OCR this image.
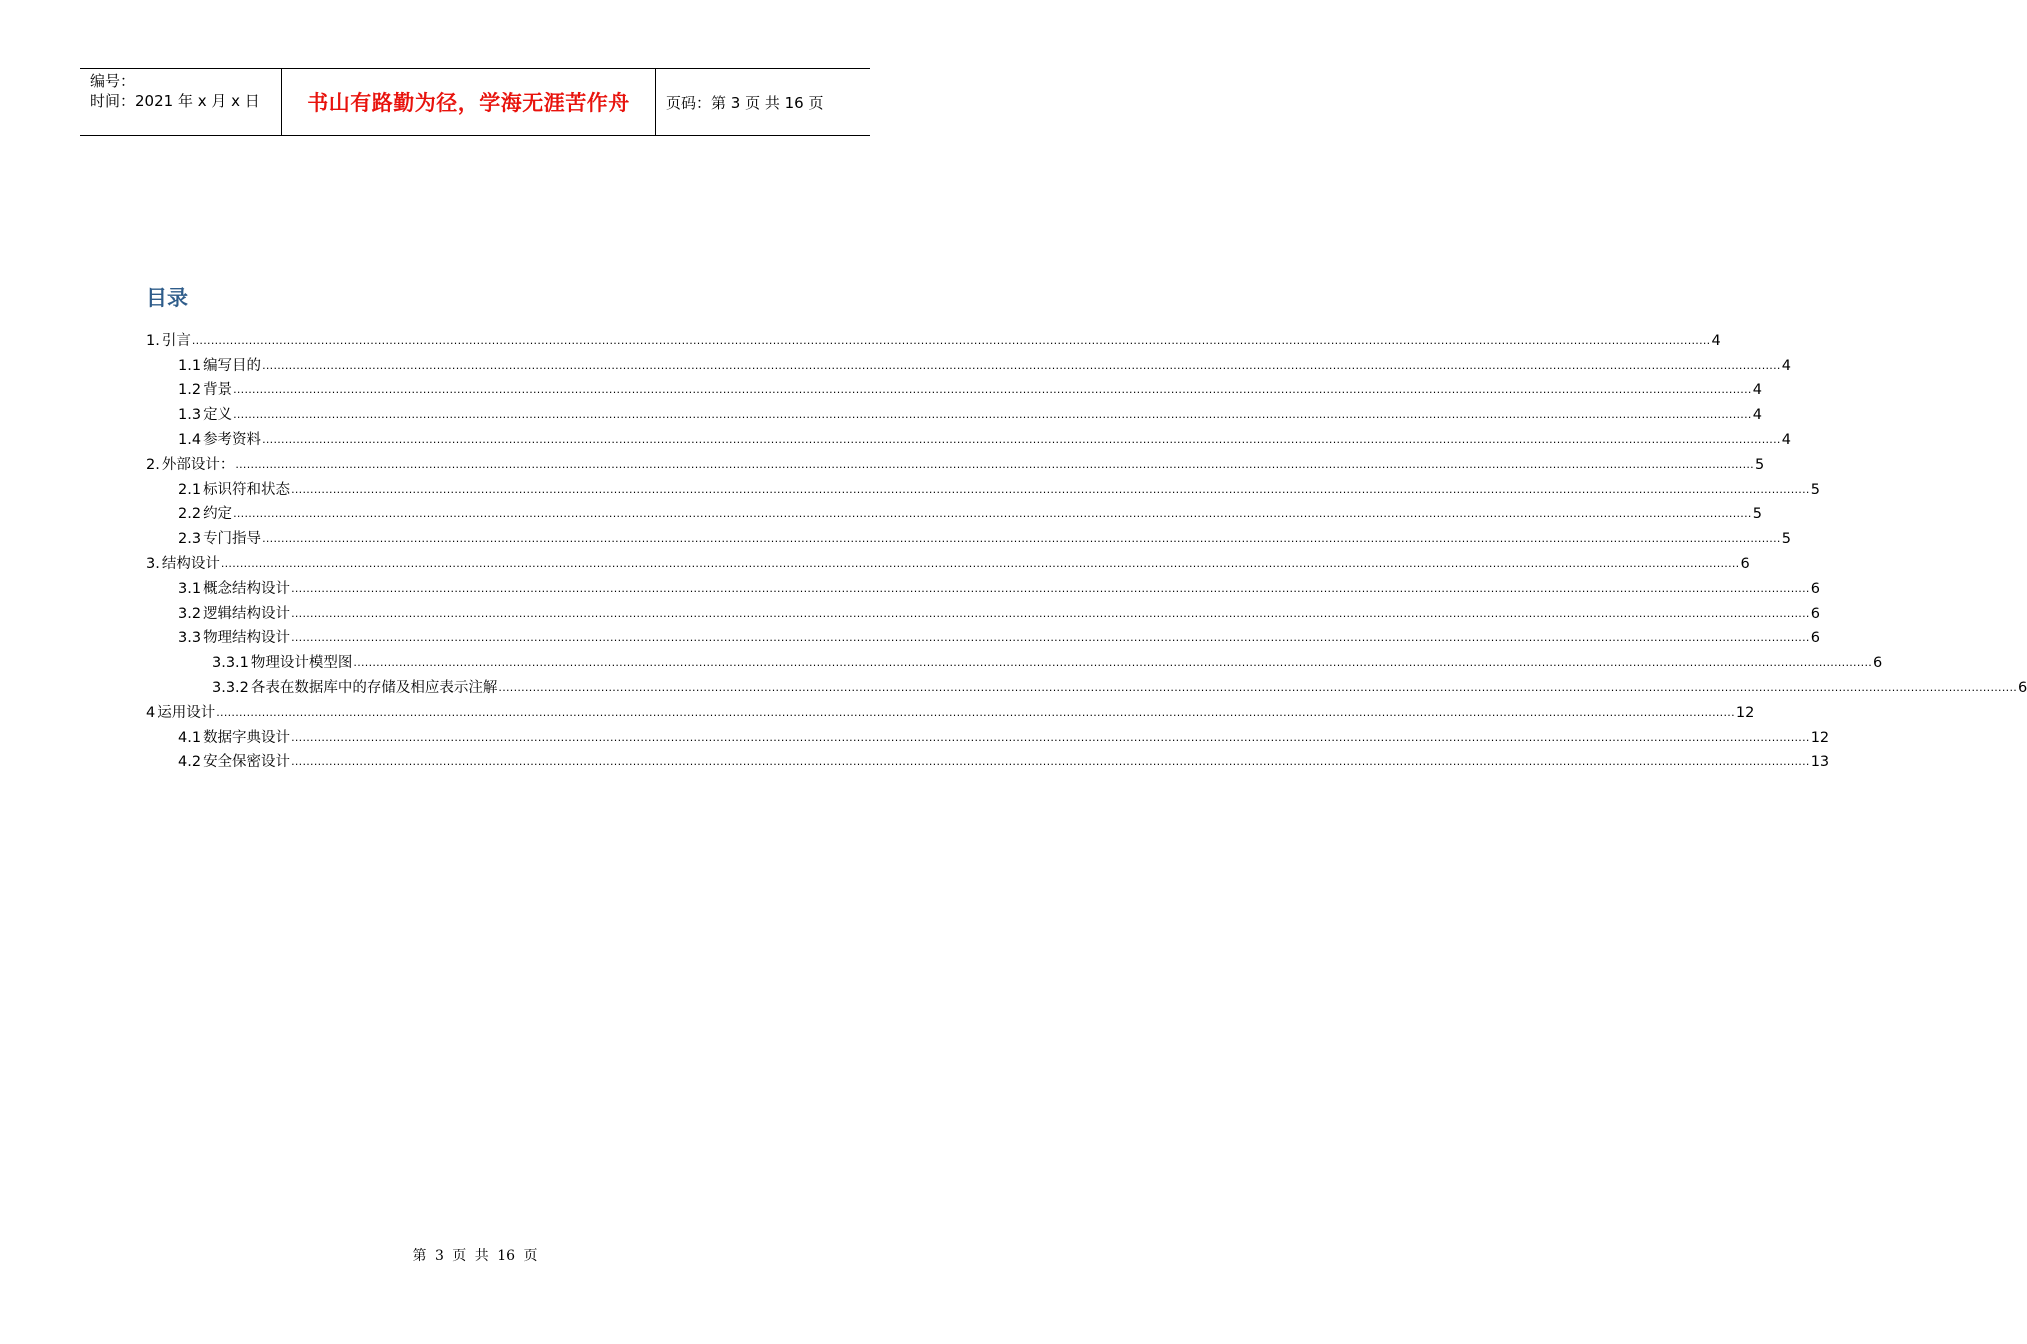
编号：
时间：2021 年 x 月 x 日	书山有路勤为径，学海无涯苦作舟 页码：第 3 页 共 16 页
目录
1. 引言 ................................................................................................................................................................................................................................................................................................................................................................................................................ 4
1.1 编写目的 ................................................................................................................................................................................................................................................................................................................................................................................................................ 4
1.2 背景 ................................................................................................................................................................................................................................................................................................................................................................................................................ 4
1.3 定义 ................................................................................................................................................................................................................................................................................................................................................................................................................ 4
1.4 参考资料 ................................................................................................................................................................................................................................................................................................................................................................................................................ 4
2. 外部设计： ................................................................................................................................................................................................................................................................................................................................................................................................................ 5
2.1 标识符和状态 ................................................................................................................................................................................................................................................................................................................................................................................................................ 5
2.2 约定 ................................................................................................................................................................................................................................................................................................................................................................................................................ 5
2.3 专门指导 ................................................................................................................................................................................................................................................................................................................................................................................................................ 5
3. 结构设计 ................................................................................................................................................................................................................................................................................................................................................................................................................ 6
3.1 概念结构设计 ................................................................................................................................................................................................................................................................................................................................................................................................................ 6
3.2 逻辑结构设计 ................................................................................................................................................................................................................................................................................................................................................................................................................ 6
3.3 物理结构设计 ................................................................................................................................................................................................................................................................................................................................................................................................................ 6
3.3.1 物理设计模型图 ................................................................................................................................................................................................................................................................................................................................................................................................................ 6
3.3.2 各表在数据库中的存储及相应表示注解 ................................................................................................................................................................................................................................................................................................................................................................................................................ 6
4 运用设计 ................................................................................................................................................................................................................................................................................................................................................................................................................ 12
4.1 数据字典设计 ................................................................................................................................................................................................................................................................................................................................................................................................................ 12
4.2 安全保密设计 ................................................................................................................................................................................................................................................................................................................................................................................................................ 13
第 3 页 共 16 页
